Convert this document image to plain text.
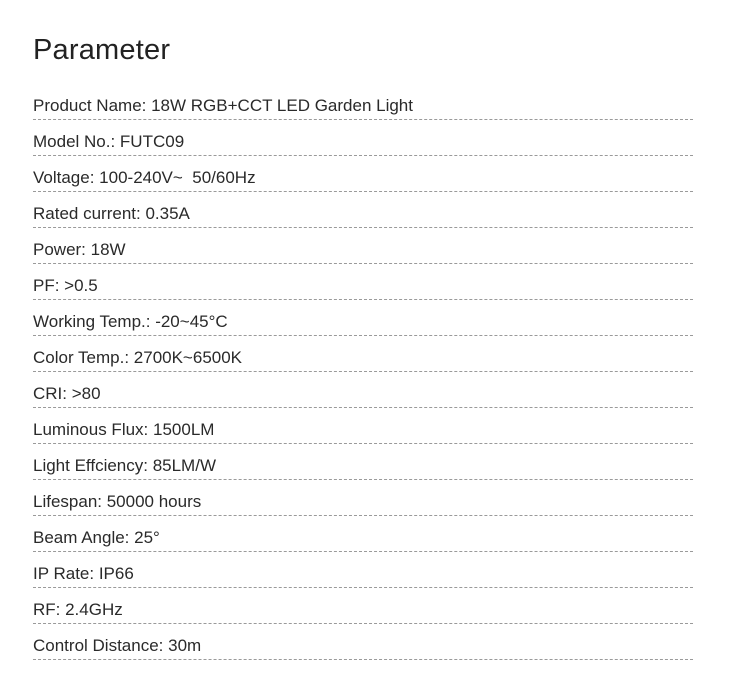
Parameter
Product Name: 18W RGB+CCT LED Garden Light
Model No.: FUTC09
Voltage: 100-240V~  50/60Hz
Rated current: 0.35A
Power: 18W
PF: >0.5
Working Temp.: -20~45°C
Color Temp.: 2700K~6500K
CRI: >80
Luminous Flux: 1500LM
Light Effciency: 85LM/W
Lifespan: 50000 hours
Beam Angle: 25°
IP Rate: IP66
RF: 2.4GHz
Control Distance: 30m
